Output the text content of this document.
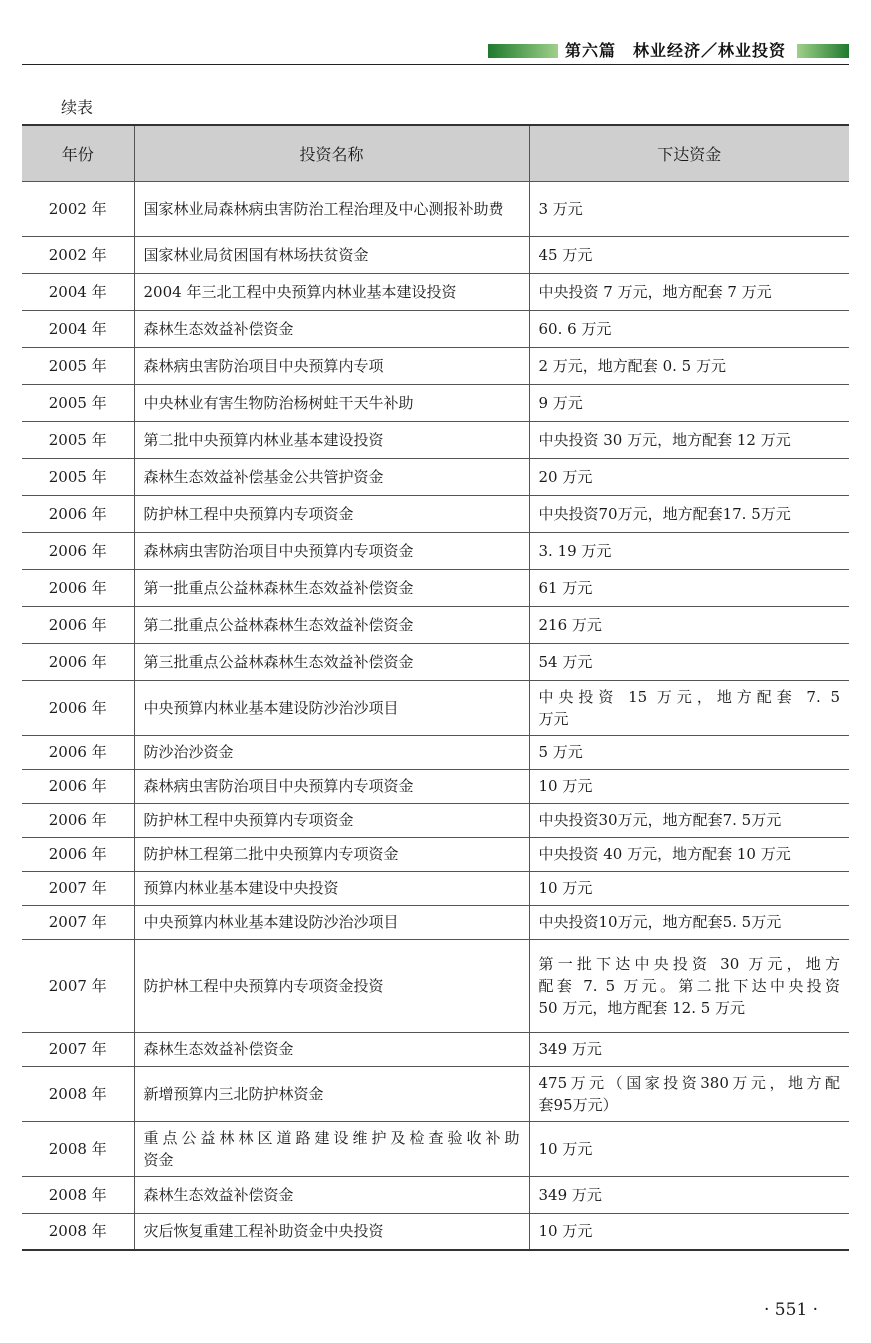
第六篇　林业经济／林业投资
续表
年份	投资名称	下达资金
2002 年	国家林业局森林病虫害防治工程治理及中心测报补助费	3 万元
2002 年	国家林业局贫困国有林场扶贫资金	45 万元
2004 年	2004 年三北工程中央预算内林业基本建设投资	中央投资 7 万元，地方配套 7 万元
2004 年	森林生态效益补偿资金	60. 6 万元
2005 年	森林病虫害防治项目中央预算内专项	2 万元，地方配套 0. 5 万元
2005 年	中央林业有害生物防治杨树蛀干天牛补助	9 万元
2005 年	第二批中央预算内林业基本建设投资	中央投资 30 万元，地方配套 12 万元
2005 年	森林生态效益补偿基金公共管护资金	20 万元
2006 年	防护林工程中央预算内专项资金	中央投资70万元，地方配套17. 5万元
2006 年	森林病虫害防治项目中央预算内专项资金	3. 19 万元
2006 年	第一批重点公益林森林生态效益补偿资金	61 万元
2006 年	第二批重点公益林森林生态效益补偿资金	216 万元
2006 年	第三批重点公益林森林生态效益补偿资金	54 万元
2006 年	中央预算内林业基本建设防沙治沙项目	中央投资 15 万元，地方配套 7. 5
万元

2006 年	防沙治沙资金	5 万元
2006 年	森林病虫害防治项目中央预算内专项资金	10 万元
2006 年	防护林工程中央预算内专项资金	中央投资30万元，地方配套7. 5万元
2006 年	防护林工程第二批中央预算内专项资金	中央投资 40 万元，地方配套 10 万元
2007 年	预算内林业基本建设中央投资	10 万元
2007 年	中央预算内林业基本建设防沙治沙项目	中央投资10万元，地方配套5. 5万元
2007 年	防护林工程中央预算内专项资金投资	第一批下达中央投资 30 万元，地方
配套 7. 5 万元。第二批下达中央投资
50 万元，地方配套 12. 5 万元

2007 年	森林生态效益补偿资金	349 万元
2008 年	新增预算内三北防护林资金	475万元（国家投资380万元，地方配
套95万元）

2008 年	重点公益林林区道路建设维护及检查验收补助
资金	10 万元
2008 年	森林生态效益补偿资金	349 万元
2008 年	灾后恢复重建工程补助资金中央投资	10 万元
· 551 ·
